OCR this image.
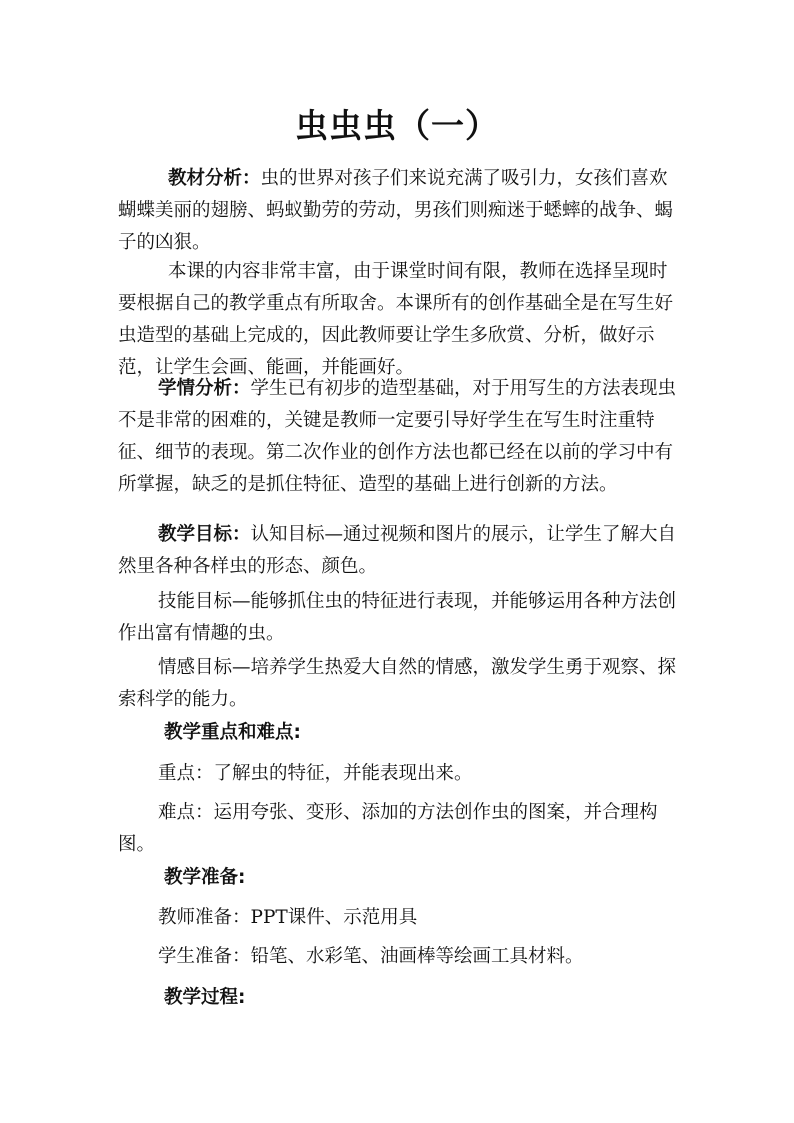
虫虫虫（一）

教材分析：虫的世界对孩子们来说充满了吸引力，女孩们喜欢蝴蝶美丽的翅膀、蚂蚁勤劳的劳动，男孩们则痴迷于蟋蟀的战争、蝎子的凶狠。

本课的内容非常丰富，由于课堂时间有限，教师在选择呈现时要根据自己的教学重点有所取舍。本课所有的创作基础全是在写生好虫造型的基础上完成的，因此教师要让学生多欣赏、分析，做好示范，让学生会画、能画，并能画好。

学情分析：学生已有初步的造型基础，对于用写生的方法表现虫不是非常的困难的，关键是教师一定要引导好学生在写生时注重特征、细节的表现。第二次作业的创作方法也都已经在以前的学习中有所掌握，缺乏的是抓住特征、造型的基础上进行创新的方法。

教学目标：认知目标—通过视频和图片的展示，让学生了解大自然里各种各样虫的形态、颜色。

技能目标—能够抓住虫的特征进行表现，并能够运用各种方法创作出富有情趣的虫。

情感目标—培养学生热爱大自然的情感，激发学生勇于观察、探索科学的能力。

教学重点和难点:

重点：了解虫的特征，并能表现出来。

难点：运用夸张、变形、添加的方法创作虫的图案，并合理构图。

教学准备:

教师准备：PPT课件、示范用具

学生准备：铅笔、水彩笔、油画棒等绘画工具材料。

教学过程:
